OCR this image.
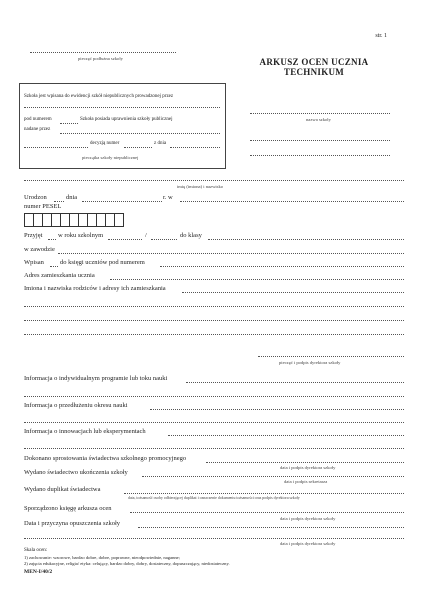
str. 1
pieczęć podłużna szkoły	ARKUSZ OCEN UCZNIA
TECHNIKUM
Szkoła jest wpisana do ewidencji szkół niepublicznych prowadzonej przez
pod numerem	Szkoła posiada uprawnienia szkoły publicznej
nadane przez
decyzją numer	z dnia
pieczątka szkoły niepublicznej
nazwa szkoły
imię (imiona) i nazwisko
Urodzon	dnia	r. w
numer PESEL
Przyjęt w roku szkolnym	/	do klasy
w zawodzie
Wpisan do księgi uczniów pod numerem
Adres zamieszkania ucznia
Imiona i nazwiska rodziców i adresy ich zamieszkania
pieczęć i podpis dyrektora szkoły
Informacja o indywidualnym programie lub toku nauki
Informacja o przedłużeniu okresu nauki
Informacja o innowacjach lub eksperymentach
Dokonano sprostowania świadectwa szkolnego promocyjnego
data i podpis dyrektora szkoły
Wydano świadectwo ukończenia szkoły
data i podpis sekretarza
Wydano duplikat świadectwa
data, tożsamość osoby odbierającej duplikat i oznaczenie dokumentu tożsamości oraz podpis dyrektora szkoły
Sporządzono księgę arkusza ocen
data i podpis dyrektora szkoły
Data i przyczyna opuszczenia szkoły
data i podpis dyrektora szkoły
Skala ocen:
1) zachowanie: wzorowe, bardzo dobre, dobre, poprawne, nieodpowiednie, naganne;
2) zajęcia edukacyjne, religia/ etyka: celujący, bardzo dobry, dobry, dostateczny, dopuszczający, niedostateczny.
MEN-I/40/2
